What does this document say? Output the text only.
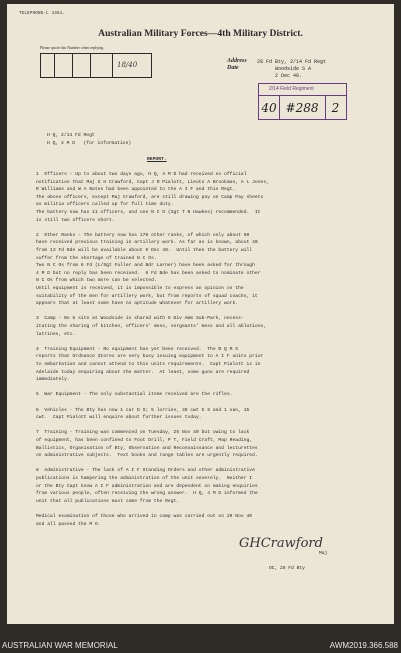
TELEPHONE-L 4381.
Australian Military Forces—4th Military District.
Please quote this Number when replying.
18/40	Address
Date
28 Fd Bty, 2/14 Fd Regt
Woodside S A
2 Dec 40.
2/14 Field Regiment
40 #288	2
H Q, 2/14 Fd Regt
H Q, 4 M D   (for information)
REPORT.
1  Officers - Up to about two days ago, H Q, 4 M D had received no official
notification that Maj G H Crawford, Capt J R Pialott, Lieuts A Brookman, A L Jones,
R Williams and W A Bates had been appointed to the A I F and this Regt.
The above officers, except Maj Crawford, are still drawing pay on Camp Pay sheets
as militia officers called up for full time duty.
The battery now has 11 officers, and one N C O (Sgt T N Hawkes) recommended.  It
is still two officers short.
2  Other Ranks - The battery now has 170 other ranks, of which only about 60
have received previous training in artillery work. As far as is known, about 40
from 13 Fd Bde will be available about 9 Dec 40.  Until then the battery will
suffer from the shortage of trained N C Os.
Two N C Os from 6 Fd (L/Sgt Fuller and Bdr Larner) have been asked for through
4 M D but no reply has been received.  6 Fd Bde has been asked to nominate other
N C Os from which two more can be selected.
Until equipment is received, it is impossible to express an opinion on the
suitability of the men for artillery work, but from reports of squad coachs, it
appears that at least some have no aptitude whatever for artillery work.
3  Camp - No 6 site at Woodside is shared with 9 Div Amm Sub-Park, necess-
itating the sharing of kitchen, officers' mess, sergeants' mess and all ablutions,
latrines, etc.
4  Training Equipment - No equipment has yet been received.  The B Q M S
reports that Ordnance Stores are very busy issuing equipment to A I F units prior
to embarkation and cannot attend to this units requirements.  Capt Pialott is in
Adelaide today enquiring about the matter.  At least, some guns are required
immediately.
5  War Equipment - The only substantial items received are the rifles.
6  Vehicles - The Bty has now 1 car D S; 5 lorries, 30 cwt G S and 1 van, 15
cwt.  Capt Pialott will enquire about further issues today.
7  Training - Training was commenced on Tuesday, 26 Nov 40 but owing to lack
of equipment, has been confined to Foot Drill, P T, Field Craft, Map Reading,
Ballistics, Organisation of Bty, Observation and Reconnaissance and lecturettes
on administrative subjects.  Text books and range tables are urgently required.
8  Administrative - The lack of A I F Standing Orders and other administrative
publications is hampering the administration of the unit severely.  Neither I
or the Bty Capt know A I F administration and are dependent on making enquiries
from various people, often receiving the wrong answer.  H Q, 4 M D informed the
unit that all publications must come from the Regt.
Medical examination of those who arrived in camp was carried out on 29 Nov 40
and all passed the M O.
GHCrawford
Maj
OC, 28 Fd Bty
AUSTRALIAN WAR MEMORIAL	AWM2019.366.588
